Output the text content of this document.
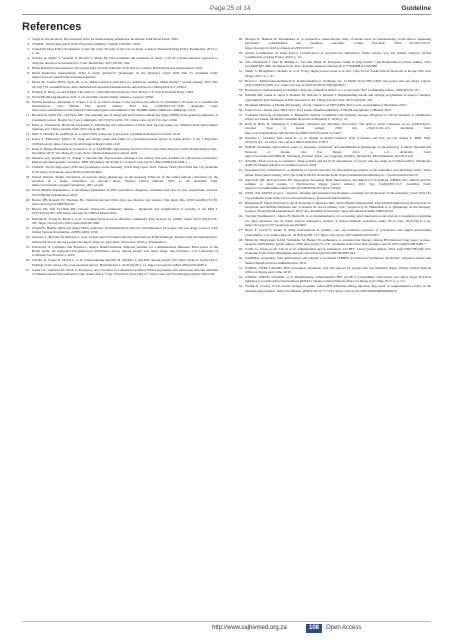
Page 25 of 14	Guideline
References
1. Siegel R. Intoxication: The universal drive for mind-altering substances. Rochester: Park Street Press; 2005.
2. UNODC. World drug report 2019. Executive summary. Vienna: UNODC; 2019.
3. Transform Drug Policy Foundation. Count the costs: 50 years of the war on drugs. London: Transform Drug Policy Foundation; 2012; p. 1–16.
4. Scheibe A, Shelly S, Versfeld A, Howell S, Marks M. Safe treatment and treatment of safety: Call for a harm-reduction approach to drug-use disorders in South Africa. S Afr Health Rev. 2017;28:197–204.
5. Harm Reduction International. The global state of harm reduction 2018. 6th ed. London: Harm Reduction International; 2018.
6. Harm Reduction International. What is harm reduction? [homepage on the Internet]. [cited 2020 Mar 5]. Available from: https://www.hri.global/what-is-harm-reduction
7. Hawk M, Coulter RWS, Egan JE, et al. Harm reduction principles for healthcare settings. Harm Reduct J [serial online]. 2017 Dec 24;14(1):70. Available from: http://harmreductionjournal.biomedcentral.com/articles/10.1186/s12954-017-0196-4
8. Erdberg N. Drug, set and setting: The basis for controlled intoxicant use. New Haven, CT: Yale University Press; 1984.
9. World Health Organization. ICD-11 for mortality and morbidity statistics. Geneva: WHO.
10. Nutbbs Daneil A, Alexander S, Crippa J, et al. A critical review of the psychoactive effects of cannabidiol: 30 years of a translational investigation. Curr Pharm Des [serial online]. 2012 Sep 12;18(32):5131–5140. Available from: http://www.eurekaselect.com/openurl/content.php?genre=article&issn=1381-6128&volume=18&issue=32&spage=5131
11. Brennan R, Wells JSG, Van Hout MC. The injecting use of image and performance-enhancing drugs (IPED) in the general population: A systematic review. Health Soc Care Community. 2017;25(5):1459–1531. https://doi.org/10.1111/hsc.12326
12. Kline A, Wolkenraft, Harris M, Fernandes L. Identifying the composition of street drug 'nyaope' using two different mass spectrometer methods. Afr J Drug Alcohol Stud. 2015;14(1):49–58.
13. Peltz S, Hornsby R, Ledifac B, et al. April 2019 | phase 44. Cape Town: SA Medical Research Council; 2019.
14. Potter E, Plubaonyo Mafiya N. Drug use among youth and adults in a population-based survey in South Africa. S Afr J Psychiatr. 2018;24:a1116. https://doi.org/10.4102/sajpsychiatry.v24i0.1139
15. Dada S, Harker-Burnhams N, Erasmus J, et al. SACENDU. Monitoring alcohol, tobacco and other drug use trends (South Africa): July–December 2018. Vol. Phase 45. Cape Town: Medical Research Council; 2019.
16. Oladeon AA, Ogunwobi O, Tonegi J, Opondo PR. Psychoactive substance use among first-year students in a Botswana University: Pattern and demographic correlates. BMC Psychiatry. 2018;18(1):1–9. https://doi.org/10.1186/s12888-018-1844-2
17. UNODC. World drug report 2019 data [homepage on the Internet]. World drug report 2019. Vienna; 2019 [cited 2019 Sep 10]. Available from: https://wdr.unodc.org/wdr2019/en/index.html
18. United Nations. Single convention on narcotic drugs [homepage on the Internet]. Final act of the united nations conference for the adoption of a single convention on narcotic drugs. Vienna: United Nations; 1961; p. 44. Available from: https://www.unodc.org/pdf/convention_1961_en.pdf
19. World Health Organization. Consolidated guidelines on HIV prevention, diagnosis, treatment and care for key populations. Geneva: World Health Organization; 2016.
20. Beyrer PB, Rosnell TC, Bartlein BL. Tuberculosis and illicit drug use: Review and update. Clin Infect Dis. 2009 Jan;48(1):72–82. https://doi.org/10.1086/594126
21. Hewes PD, Van Zyl-Smit RN. Chronic obstructive pulmonary disease – Diagnosis and classification of severity. S Afr Med J. 2015;105(9):785–788. https://doi.org/10.7196/SAMJnew.8421
22. Durham R, Young B, Burns J, et al. Screening hormon errors affecting community drug services for COPD. Chest. 2019;155(2):279–287. https://doi.org/10.1016/j.chest.2018.08.1049
23. UNAIDS. Health, rights and drugs: Harm reduction, decriminalization and zero discrimination for people who use drugs. Geneva: Joint United Nations Programme on HIV/AIDS; 2019.
24. Tezevicz L, Bocchia M, Baltazar C, et al. Urgent need for harm-reduction interventions in Mozambique: Results from the integrated bio-behavioral survey among people who inject drugs. In: IAS 2019. Vancouver; 2019; p. Presentation.
25. University of California San Francisco, Ainsya Health Institute, National Institute for Communication Diseases. Brief report of the Brazil study: An integrated bio-behavioral surveillance survey among people who inject drugs. San Francisco, CA: University of California San Francisco; 2018.
26. Scheibe A, Young K, Moses L, et al. Understanding hepatitis B, hepatitis C and HIV among people who inject drugs in South Africa: Findings from a three-city cross-sectional survey. Harm Reduct J. 2019;16(28):1–11. https://doi.org/10.1186/s12954-019-0298-4
27. Garba GL, Lamorde M, Welch S. Frequency and correlates of comorbid psychiatric illness in patients with heroin use disorder admitted to Stikland Opioid Detoxification Unit, South Africa. S Afr J Psychiatr. 2014;20(3):77. https://doi.org/10.4102/sajpsychiatry.v20i3.540
28. Morgan N, Daniels W, Subramaney U. A prospective observational study of heroin users in Johannesburg, South Africa: Assessing psychiatric comorbidities and treatment outcomes. Compr Psychiatr. 2019 Oct;95:152137. https://doi.org/10.1016/j.comppsych.2019.152137
29. Global Commission on Drug Policy. Classification of psychoactive substances: When science was left behind. Geneva: Global Commission on Drug Policy; 2019; p. 19.
30. Van Amsterdam J, Nutt D, Phillips L, Van den Brink W. European rating of drug harms. J Psychopharmacol [serial online]. 2015 Jun;29(6):655–660. Available from: http://journals.sagepub.com/doi/10.1177/0269881115581980
31. Shelly S, Broughton I, Mohale A, et al. Every single person looks at us bad. Cape Town: South African Network of People Who Use Drugs; 2017; p. 1–41.
32. Beyrer C, Malinowska-Sempruch K, Kamarulzaman A, Strathdee SA. 12 Myths about HIV/AIDS and people who use drugs. Lancet. 2010;376(9737):208–211. https://doi.org/10.1016/S0140-6736(10)61005-7
33. Buchanan J. Understanding problematic drug use: A medical matter or a social issue? Br J Community Justice. 2006;4(2):87–97.
34. Ndimbii KK, Guise A, Ayon S, Kalama M, McLean S, Rhodes T. Implementing needle and syringe programmes in Kenya: Changes, opportunities and challenges in HIV prevention. Afr J Drug Alcohol Stud. 2015;14(2):95–103.
35. Mountain Ministry of Health and Quality of Life. Statistics on HIV/AIDS. Port Louis, Government of Mauritius; 2015.
36. Police Force. Arrest rates 2003–2017. Port Louis: Mauritius Ministry of Health and Quality of Health; 2015.
37. Canadian Network on Hepatitis C Bluesprint Writing Committee and Working Groups. Blueprint to inform hepatitis C elimination efforts in Canada. Montreal: Canadian Network on Hepatitis C; 2019; p. 23.
38. Rolly P, Dally K, Wilkinson S. Language, substance use disorders, and policy: The need to reach consensus on an 'Addictionary'. Alcohol Treat Q [serial online]. 2016 Jan 2;34(1):116–123. Available from: http://www.tandfonline.com/doi/full/10.1080/07347324.2016.1113103
39. Nyblade L, Stockton MA, Giger K, et al. Stigma in health facilities: Why it matters and how we can change it. BMC Med. 2019;17(1):1–15. https://doi.org/10.1186/s12916-019-1256-2
40. INPUD. Statement and position paper on language, inclusivity and discrimination [homepage on the Internet]. London: International Network of People who Use Drugs; 2011; p. 1–6. Available from: http://www.inpud.net/INPUD_Statement_Position_Paper_on_Language_Identity_Inclusivity_Discrimination_Nov2011.pdf
41. ANAMI. 'Don't treat us as outsiders'. Drug policies and the lived experiences of people who use drugs in Southern Africa. Windhoek: AIDS and Rights Alliance for Southern Africa; 2019.
42. Gruenebar KO, Schlenbach I. A substitute to current rationale for life-related precedence in the remainder post-discharge series. Subst Abuse Treat [serial online]. 2013 Jun 4;34(1):58–63. Available from: https://pubmed.ncbi.nlm.nih.gov/.../?term=article/view/79
43. Agerwala SM, McCance-Katz EF. Integrating Screening, Brief Intervention, and Referral to Treatment (SBIRT) into clinical practice settings: A brief review. J Psychoactive Drugs [serial online]. 2012 Sep 3;44(4):307–317. Available from: https://www.tandfonline.com/doi/full/10.1080/02791072.2012.720169
44. WHO. The ASSIST project – Alcohol, smoking and substance involvement screening test [homepage on the Internet]. [cited 2019 Oct 15]. Available from: https://www.who.int/substance_abuse/activities/assist/en/
45. Humeniuk R, Henry-Edwards S, Ali R, Poznyak V, Monteiro MG. World Health Organization. The ASSIST-linked brief intervention for hazardous and harmful substance use: A manual for use in primary care / prepared by R. Humeniuk et al. [homepage on the Internet]. Geneva: World Health Organization; 2010. Avi. Available from: https://apps.who.int/iris/handle/10665/44321
46. Van Der Westhuizen C, Myers B, Malan M, et al. Implementation of a screening, brief intervention and referral to treatment programme for risky substance use in South African emergency centres: A mixed methods evaluation study. PLoS One. 2019;14(11):1–10. https://doi.org/10.1371/journal.pone.0224951
47. Beyer F, Lynch E, Kaner E. Brief interventions in primary care: An evidence overview of practitioner and digital intervention programmes. Curr Addict Reports. 2018;5(2):265–273. https://doi.org/10.1007/s40429-018-0198-7
48. Mbita M, Mogwanela RAM, Schneider M, Barkar M. Adherence to antiretroviral therapy among HIV-infected drug users: A meta-analysis. AIDS Behav [serial online]. 2010 Aug;14(4):731–747. Available from: http://link.springer.com/10.1007/s10461-008-9489-7
49. Coffin G, Santos G-M, Chu P, et al. Amphetamine-group substances and HIV. Lancet [serial online]. 2010 Aug;376(9738):458–474. Available from: https://linkinghub.elsevier.com/retrieve/pii/S0140673610607324
50. SAMHSA. Screening, brief intervention and referral to treatment (SBIRT) in behavioral healthcare. Rockville: Substance Abuse and Mental Health Services Administration; 2011.
51. UNODC, WHO, UNAIDS. HIV prevention, treatment, care and support for people who use stimulant drugs. Vienna: United Nations Office on Drugs and Crime; 2019.
52. UNODC, INPUD, UNAIDS, et al. Implementing comprehensive HIV and HCV programmes with people who inject drugs: Practical guidance for collaborative interventions (IDUIT). Vienna: United Nations Office on Drugs and Crime; 2017; p. 1–171.
53. Wodak A, Cooney A. Do needle syringe programs reduce HIV infection among injecting drug users: A comprehensive review of the international evidence. Subst Use Misuse. 2006;41(6–7):777–813. https://doi.org/10.1080/10826080600669579
http://www.sajhivmed.org.za	108	Open Access
